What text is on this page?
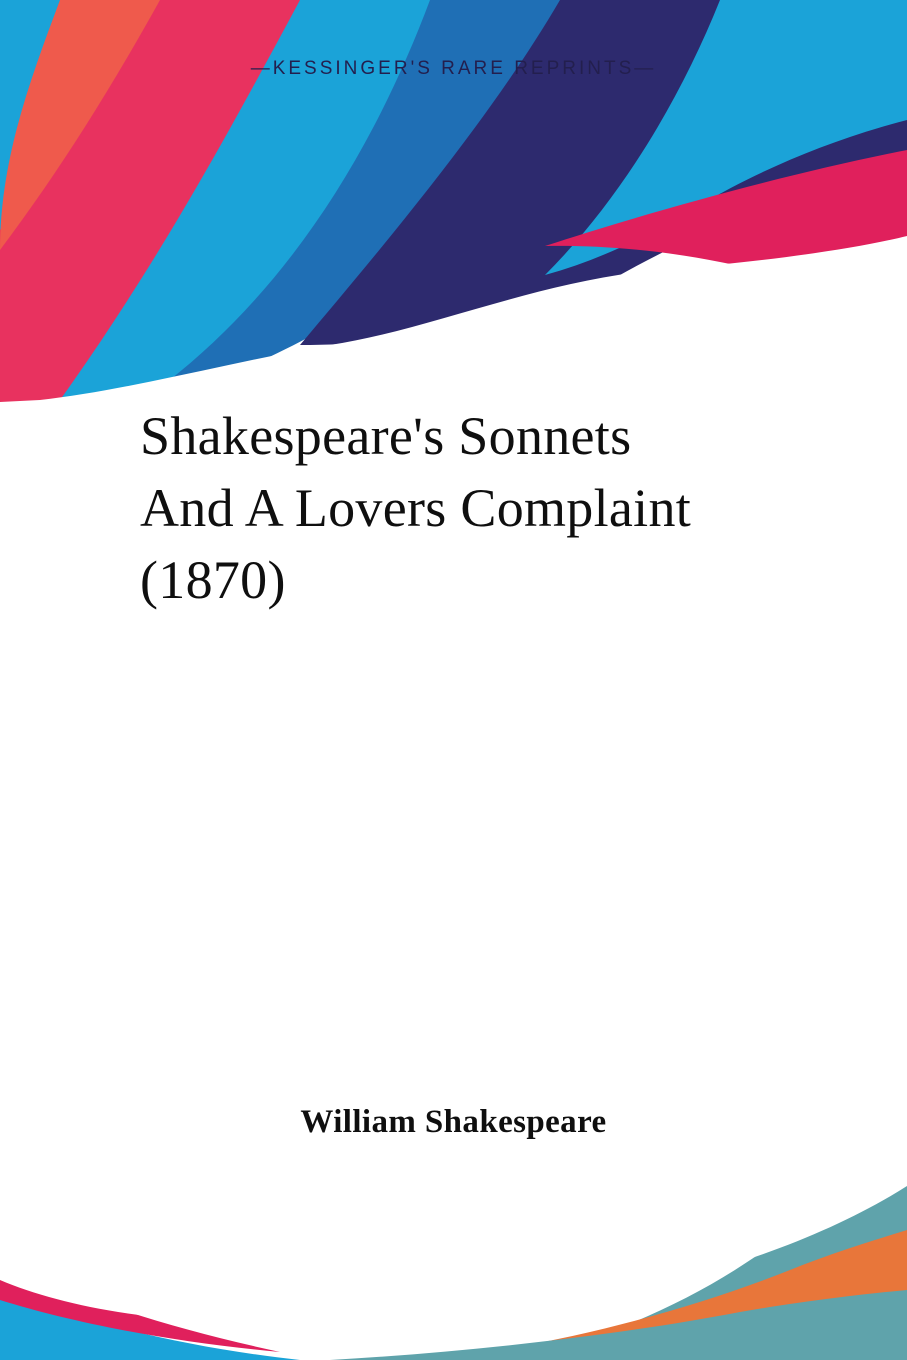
—KESSINGER'S RARE REPRINTS—
Shakespeare's Sonnets
And A Lovers Complaint
(1870)
William Shakespeare
